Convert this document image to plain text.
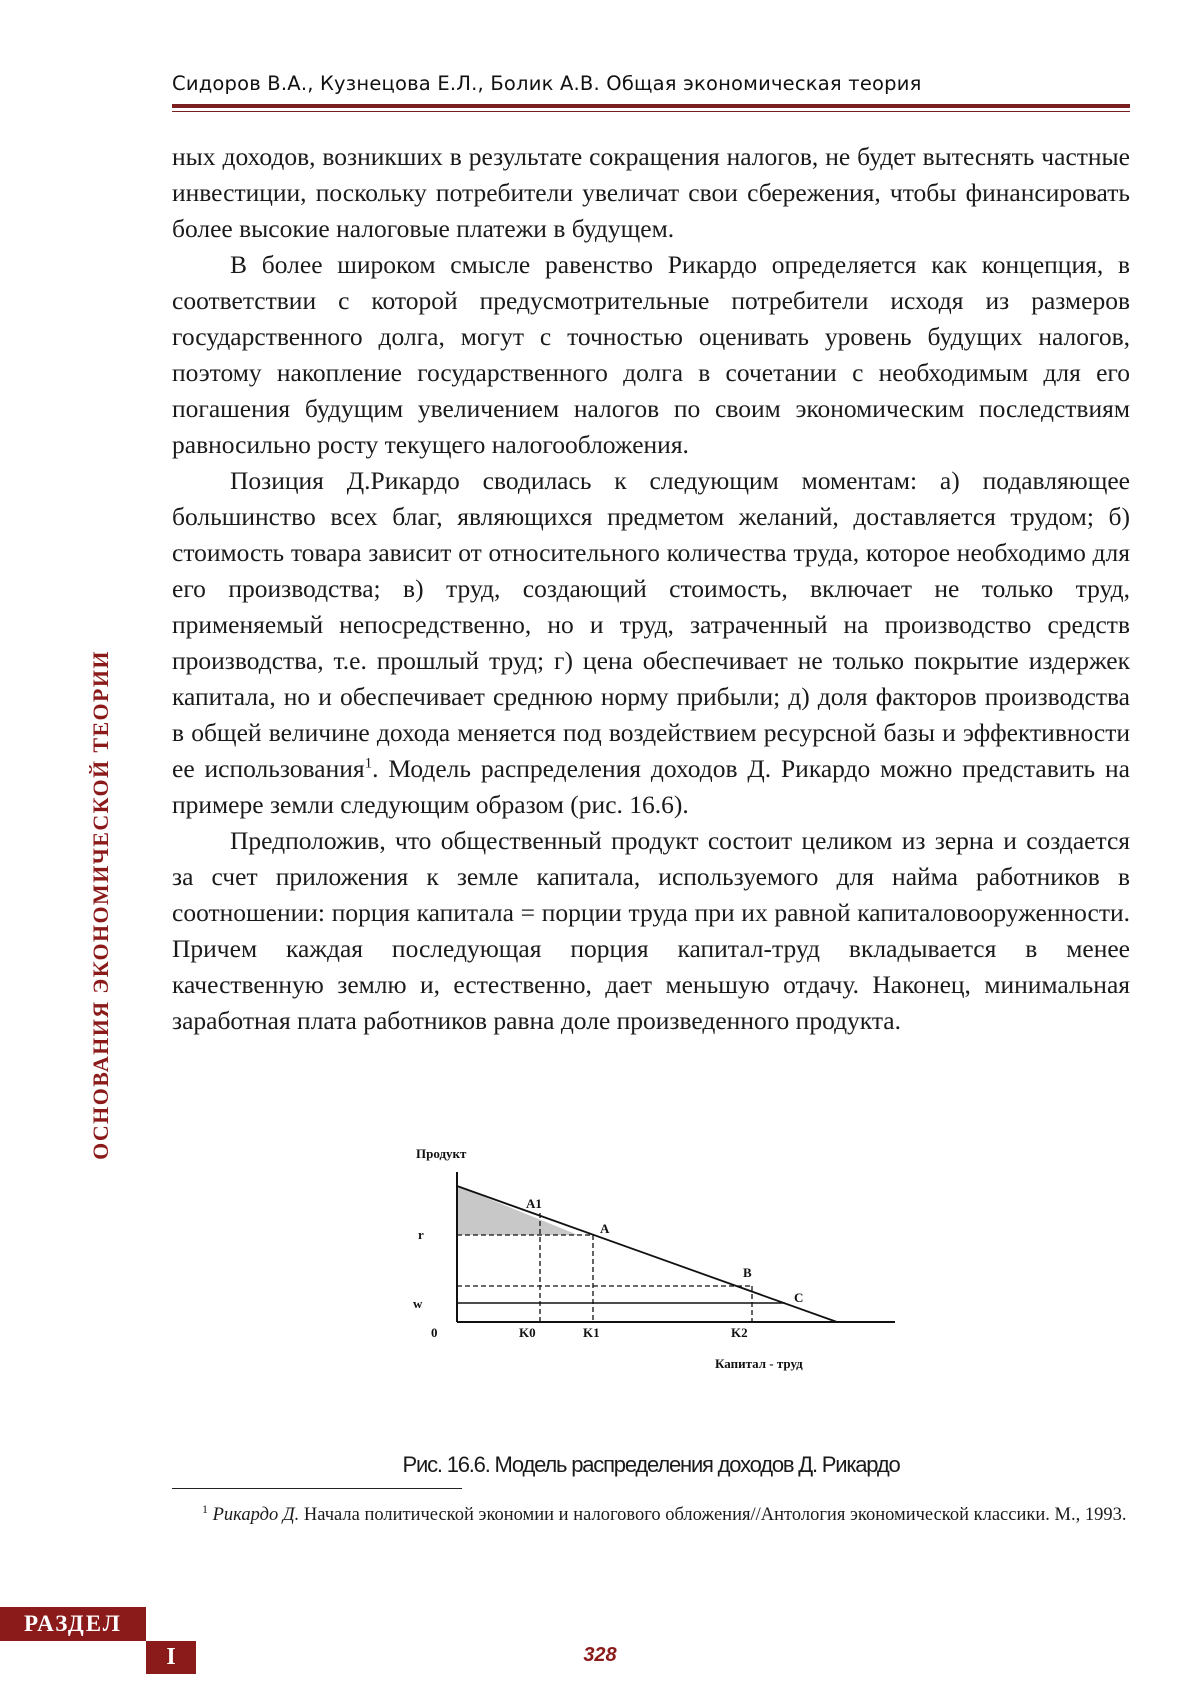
Сидоров В.А., Кузнецова Е.Л., Болик А.В. Общая экономическая теория
ОСНОВАНИЯ ЭКОНОМИЧЕСКОЙ ТЕОРИИ

ных доходов, возникших в результате сокращения налогов, не будет вытеснять частные инвестиции, поскольку потребители увеличат свои сбережения, чтобы финансировать более высокие налоговые платежи в будущем.

В более широком смысле равенство Рикардо определяется как концепция, в соответствии с которой предусмотрительные потребители исходя из размеров государственного долга, могут с точностью оценивать уровень будущих налогов, поэтому накопление государственного долга в сочетании с необходимым для его погашения будущим увеличением налогов по своим экономическим последствиям равносильно росту текущего налогообложения.

Позиция Д.Рикардо сводилась к следующим моментам: а) подавляющее большинство всех благ, являющихся предметом желаний, доставляется трудом; б) стоимость товара зависит от относительного количества труда, которое необходимо для его производства; в) труд, создающий стоимость, включает не только труд, применяемый непосредственно, но и труд, затраченный на производство средств производства, т.е. прошлый труд; г) цена обеспечивает не только покрытие издержек капитала, но и обеспечивает среднюю норму прибыли; д) доля факторов производства в общей величине дохода меняется под воздействием ресурсной базы и эффективности ее использования$^1$. Модель распределения доходов Д. Рикардо можно представить на примере земли следующим образом (рис. 16.6).

Предположив, что общественный продукт состоит целиком из зерна и создается за счет приложения к земле капитала, используемого для найма работников в соотношении: порция капитала = порции труда при их равной капиталовооруженности. Причем каждая последующая порция капитал-труд вкладывается в менее качественную землю и, естественно, дает меньшую отдачу. Наконец, минимальная заработная плата работников равна доле произведенного продукта.

Продукт
Капитал - труд
0
r
w
K0	K1	K2
A1
A
B
C
Рис. 16.6. Модель распределения доходов Д. Рикардо
$^1$ Рикардо Д. Начала политической экономии и налогового обложения//Антология экономической классики. М., 1993.
РАЗДЕЛ
I	328
